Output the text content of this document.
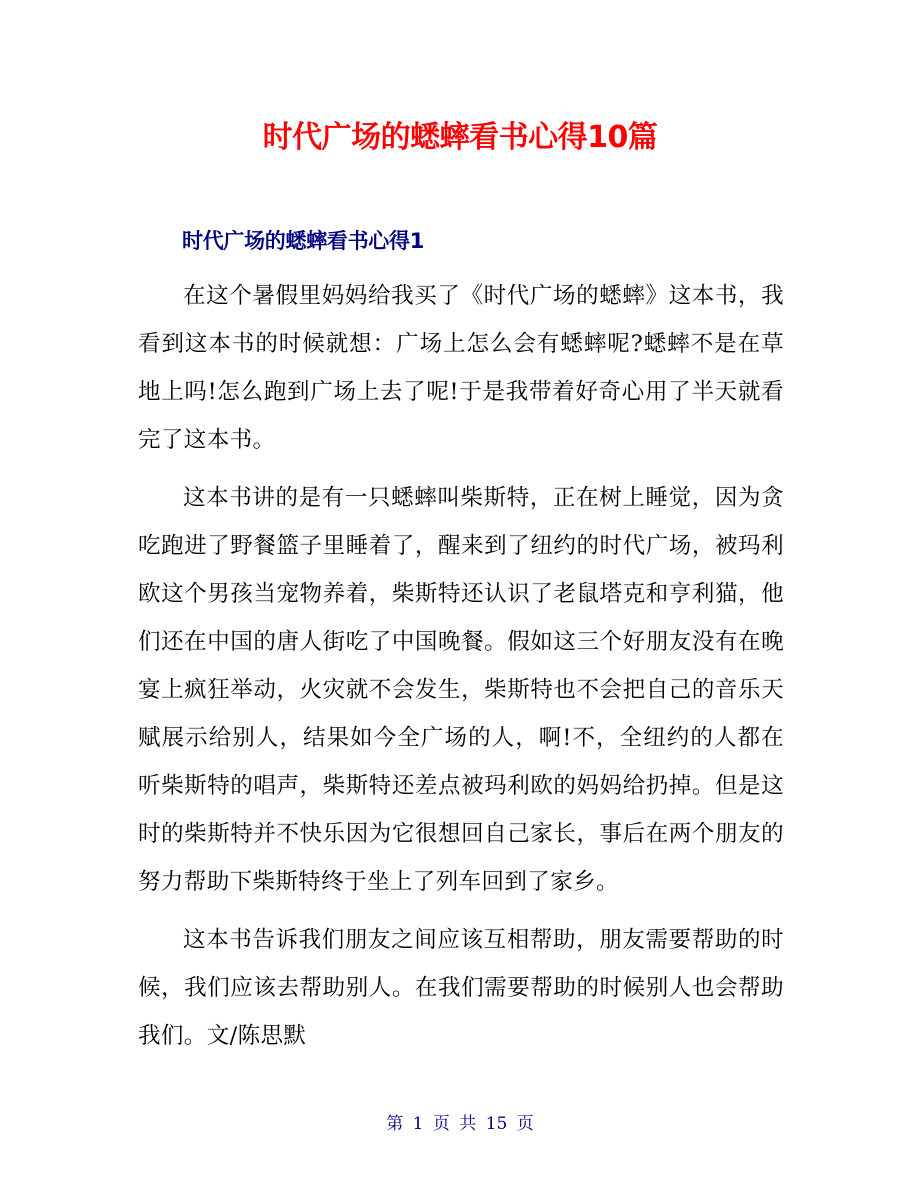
时代广场的蟋蟀看书心得10篇
时代广场的蟋蟀看书心得1

在这个暑假里妈妈给我买了《时代广场的蟋蟀》这本书，我看到这本书的时候就想：广场上怎么会有蟋蟀呢?蟋蟀不是在草地上吗!怎么跑到广场上去了呢!于是我带着好奇心用了半天就看完了这本书。

这本书讲的是有一只蟋蟀叫柴斯特，正在树上睡觉，因为贪吃跑进了野餐篮子里睡着了，醒来到了纽约的时代广场，被玛利欧这个男孩当宠物养着，柴斯特还认识了老鼠塔克和亨利猫，他们还在中国的唐人街吃了中国晚餐。假如这三个好朋友没有在晚宴上疯狂举动，火灾就不会发生，柴斯特也不会把自己的音乐天赋展示给别人，结果如今全广场的人，啊!不，全纽约的人都在听柴斯特的唱声，柴斯特还差点被玛利欧的妈妈给扔掉。但是这时的柴斯特并不快乐因为它很想回自己家长，事后在两个朋友的努力帮助下柴斯特终于坐上了列车回到了家乡。

这本书告诉我们朋友之间应该互相帮助，朋友需要帮助的时候，我们应该去帮助别人。在我们需要帮助的时候别人也会帮助我们。文/陈思默

第 1 页 共 15 页
